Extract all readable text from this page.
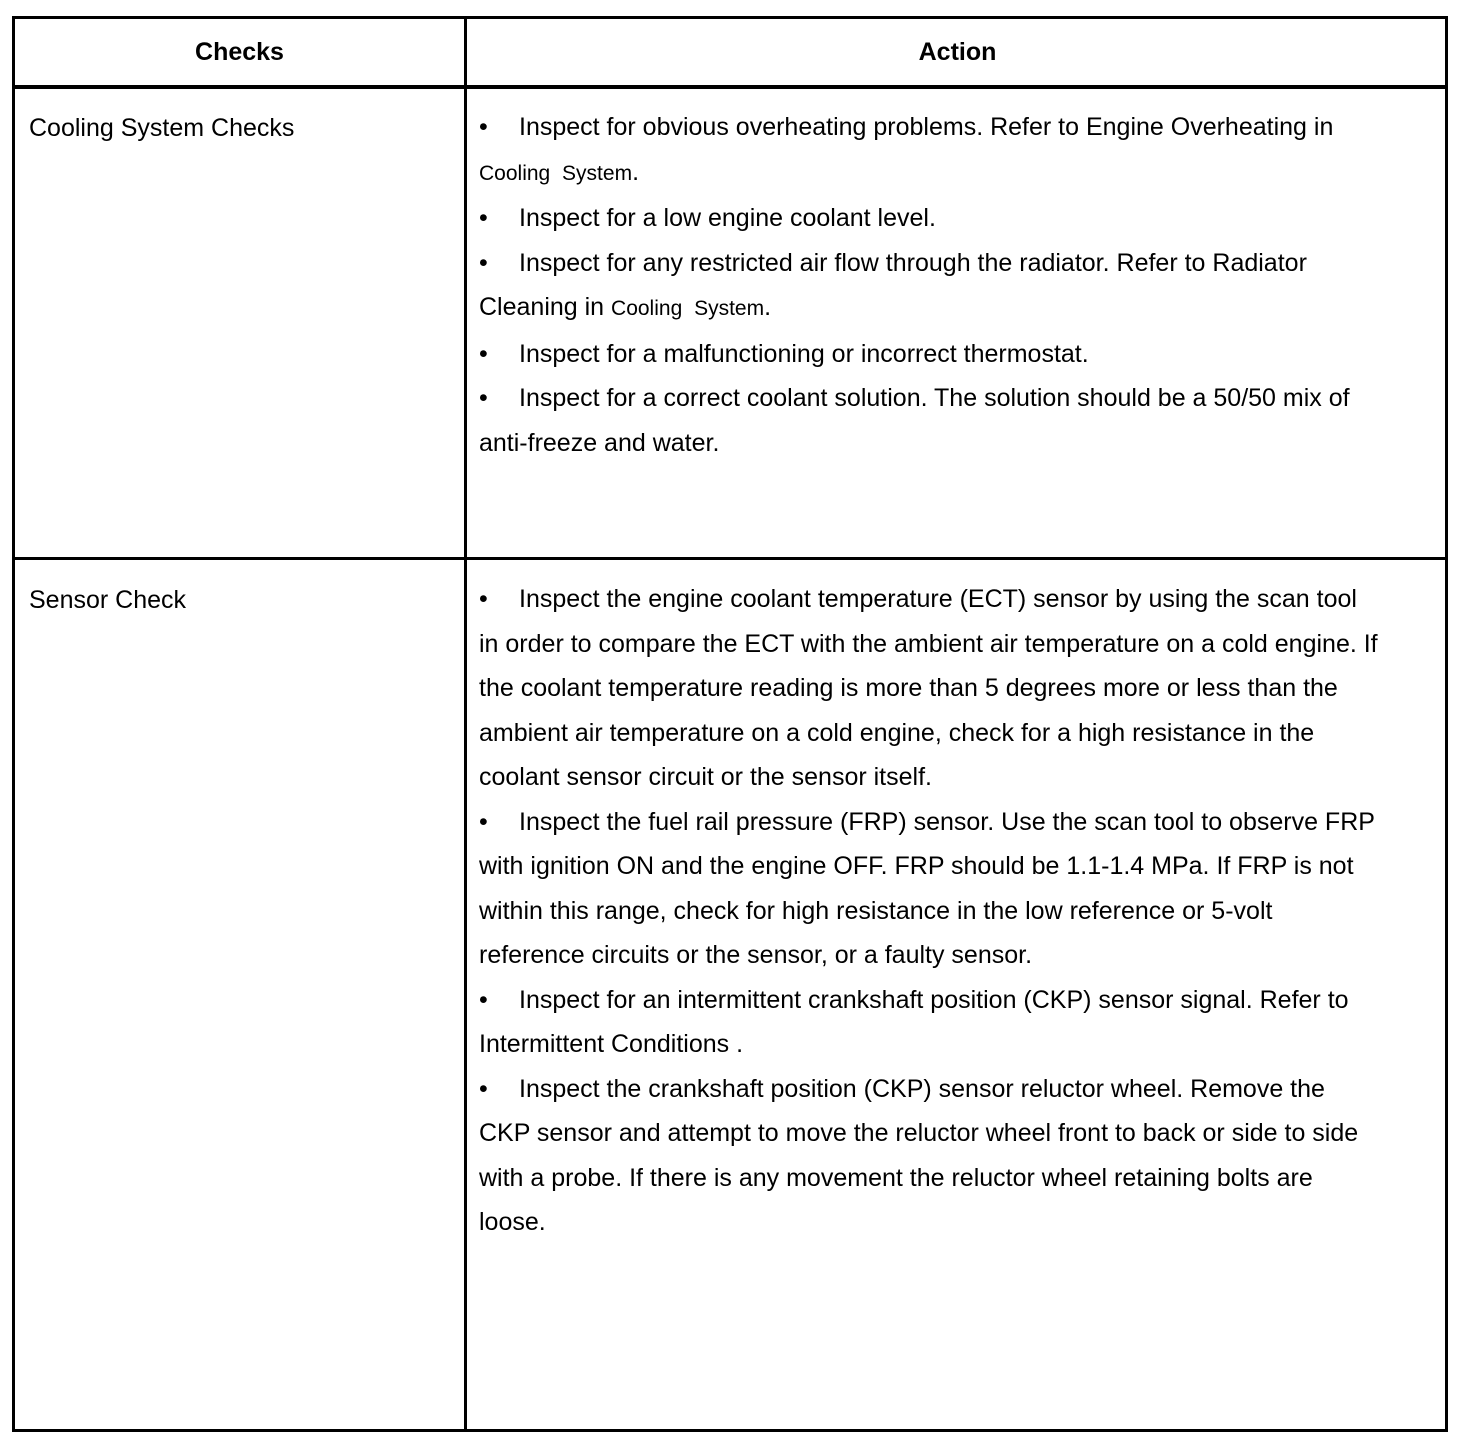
Checks	Action
Cooling System Checks	• Inspect for obvious overheating problems. Refer to Engine Overheating in Cooling System.

• Inspect for a low engine coolant level.

• Inspect for any restricted air flow through the radiator. Refer to Radiator Cleaning in Cooling System.

• Inspect for a malfunctioning or incorrect thermostat.

• Inspect for a correct coolant solution. The solution should be a 50/50 mix of anti-freeze and water.

Sensor Check	• Inspect the engine coolant temperature (ECT) sensor by using the scan tool in order to compare the ECT with the ambient air temperature on a cold engine. If the coolant temperature reading is more than 5 degrees more or less than the ambient air temperature on a cold engine, check for a high resistance in the coolant sensor circuit or the sensor itself.

• Inspect the fuel rail pressure (FRP) sensor. Use the scan tool to observe FRP with ignition ON and the engine OFF. FRP should be 1.1-1.4 MPa. If FRP is not within this range, check for high resistance in the low reference or 5-volt reference circuits or the sensor, or a faulty sensor.

• Inspect for an intermittent crankshaft position (CKP) sensor signal. Refer to Intermittent Conditions .

• Inspect the crankshaft position (CKP) sensor reluctor wheel. Remove the CKP sensor and attempt to move the reluctor wheel front to back or side to side with a probe. If there is any movement the reluctor wheel retaining bolts are loose.
